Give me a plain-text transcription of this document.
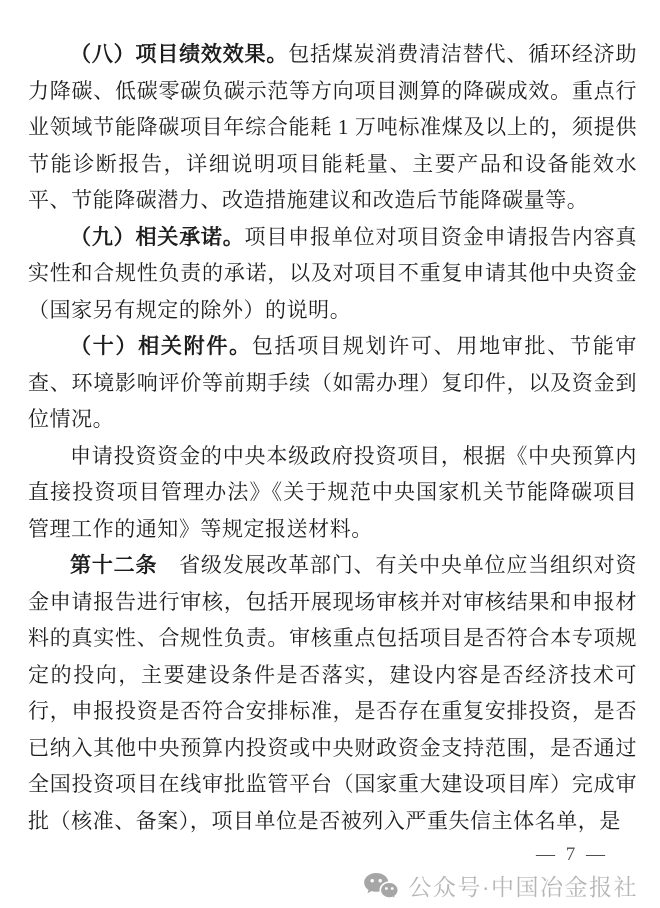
（八）项目绩效效果。包括煤炭消费清洁替代、循环经济助力降碳、低碳零碳负碳示范等方向项目测算的降碳成效。重点行业领域节能降碳项目年综合能耗 1 万吨标准煤及以上的，须提供节能诊断报告，详细说明项目能耗量、主要产品和设备能效水平、节能降碳潜力、改造措施建议和改造后节能降碳量等。

（九）相关承诺。项目申报单位对项目资金申请报告内容真实性和合规性负责的承诺，以及对项目不重复申请其他中央资金（国家另有规定的除外）的说明。

（十）相关附件。包括项目规划许可、用地审批、节能审查、环境影响评价等前期手续（如需办理）复印件，以及资金到位情况。

申请投资资金的中央本级政府投资项目，根据《中央预算内直接投资项目管理办法》《关于规范中央国家机关节能降碳项目管理工作的通知》等规定报送材料。

第十二条　省级发展改革部门、有关中央单位应当组织对资金申请报告进行审核，包括开展现场审核并对审核结果和申报材料的真实性、合规性负责。审核重点包括项目是否符合本专项规定的投向，主要建设条件是否落实，建设内容是否经济技术可行，申报投资是否符合安排标准，是否存在重复安排投资，是否已纳入其他中央预算内投资或中央财政资金支持范围，是否通过全国投资项目在线审批监管平台（国家重大建设项目库）完成审批（核准、备案），项目单位是否被列入严重失信主体名单，是

— 7 —
公众号·中国冶金报社
